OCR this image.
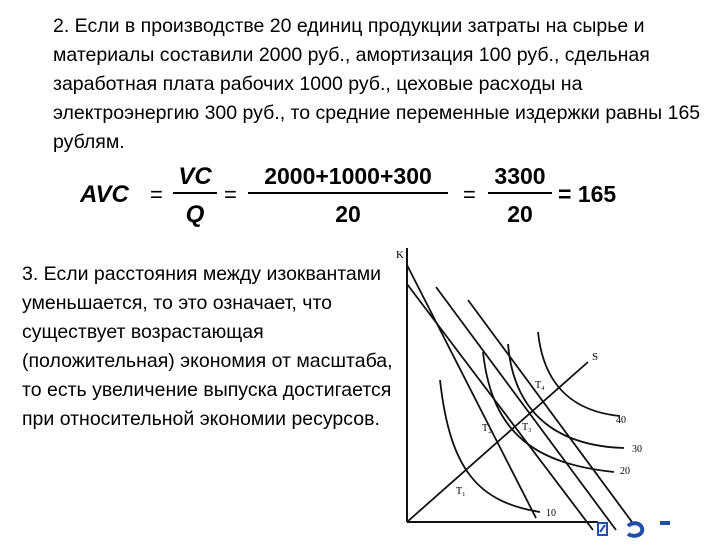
2. Если в производстве 20 единиц продукции затраты на сырье и материалы составили 2000 руб., амортизация 100 руб., сдельная заработная плата рабочих 1000 руб., цеховые расходы на электроэнергию 300 руб., то средние переменные издержки равны 165 рублям.

AVC =
VC
Q
=
2000+1000+300
20
=
3300
20
= 165

3. Если расстояния между изоквантами уменьшается, то это означает, что существует возрастающая (положительная) экономия от масштаба, то есть увеличение выпуска достигается при относительной экономии ресурсов.

K
S
10
20
30
40
T₁
T₂	T₃
T₄
